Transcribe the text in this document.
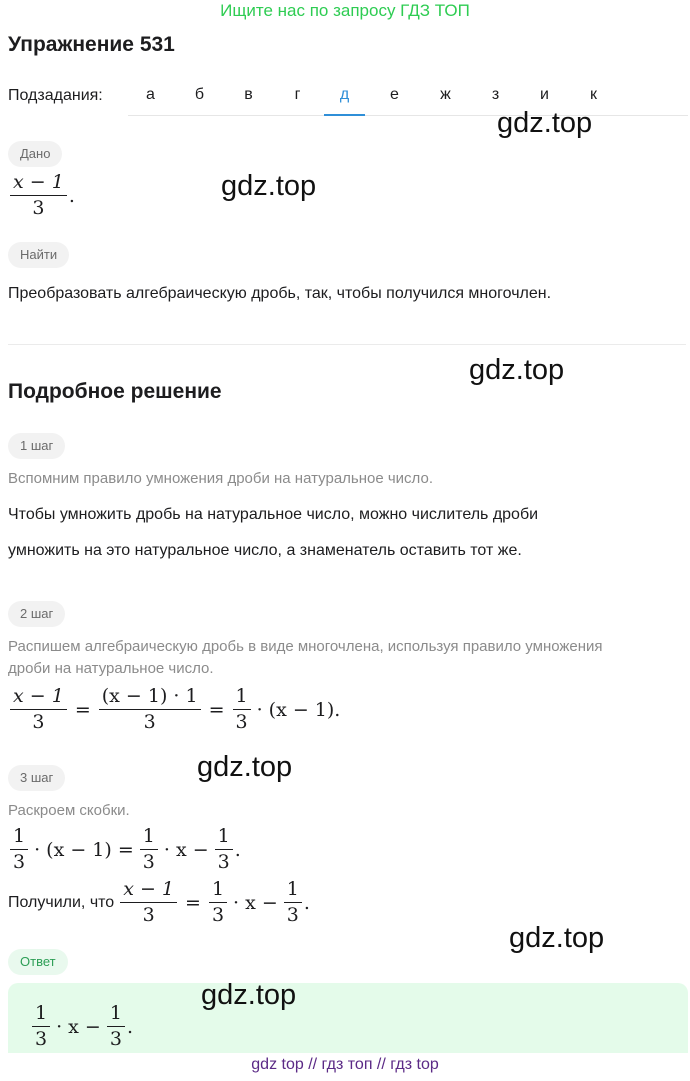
Ищите нас по запросу ГДЗ ТОП
Упражнение 531
Подзадания:	а	б	в	г	д	е	ж	з	и	к
gdz.top
Дано
$\frac{x - 1}{3}$ .	gdz.top
Найти
Преобразовать алгебраическую дробь, так, чтобы получился многочлен.
gdz.top
Подробное решение
1 шаг
Вспомним правило умножения дроби на натуральное число.
Чтобы умножить дробь на натуральное число, можно числитель дроби
умножить на это натуральное число, а знаменатель оставить тот же.
2 шаг
Распишем алгебраическую дробь в виде многочлена, используя правило умножения
дроби на натуральное число.
$\frac{x - 1}{3} = \frac{(x - 1) \cdot 1}{3} = \frac{1}{3} \cdot (x - 1)$.
3 шаг	gdz.top
Раскроем скобки.
$\frac{1}{3} \cdot (x - 1) = \frac{1}{3} \cdot x - \frac{1}{3}$ .
Получили, что $\frac{x - 1}{3} = \frac{1}{3} \cdot x - \frac{1}{3}$ .
gdz.top
Ответ
$\frac{1}{3} \cdot x - \frac{1}{3}$ .
gdz.top
gdz top // гдз топ // гдз top
